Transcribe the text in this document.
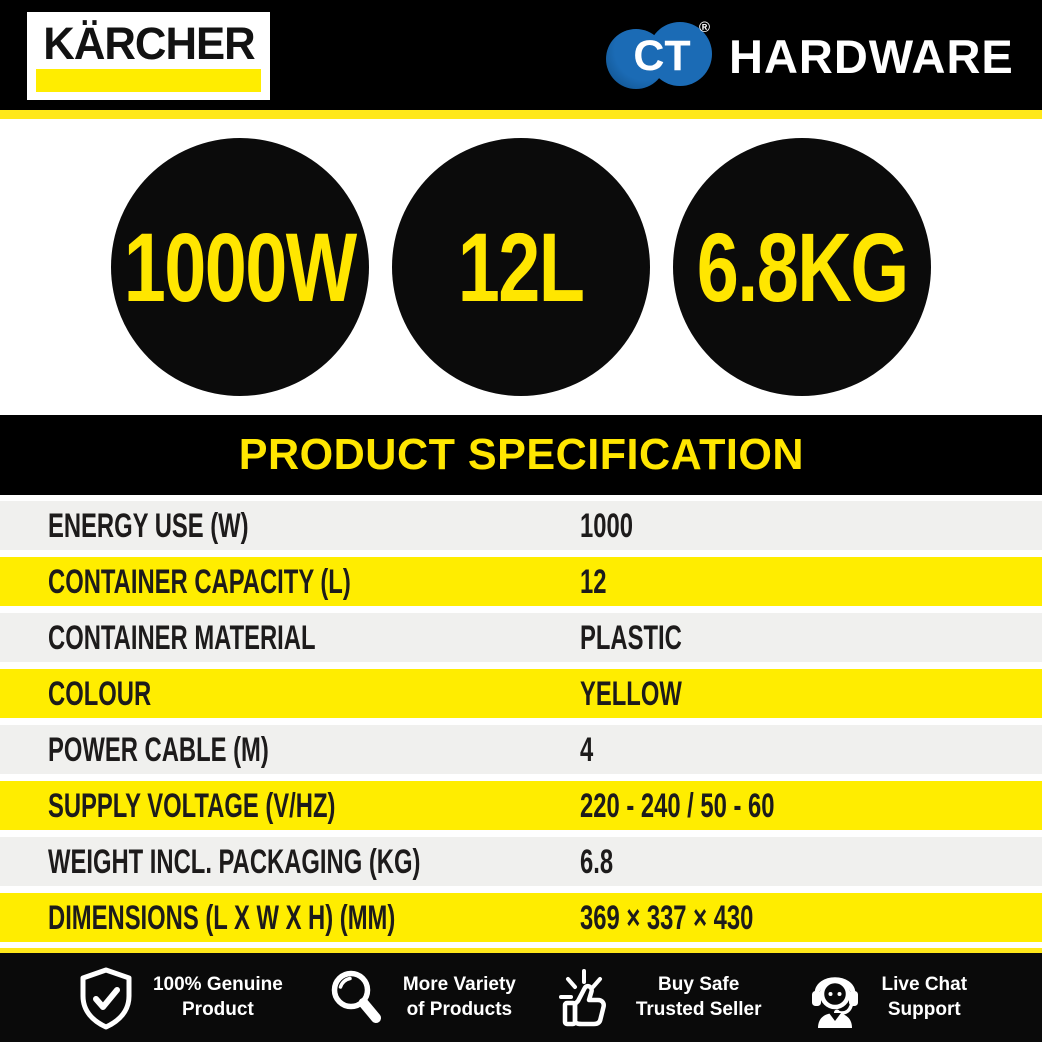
KÄRCHER	CT
®
HARDWARE
1000W 12L 6.8KG
PRODUCT SPECIFICATION
ENERGY USE (W)	1000
CONTAINER CAPACITY (L)	12
CONTAINER MATERIAL	PLASTIC
COLOUR	YELLOW
POWER CABLE (M)	4
SUPPLY VOLTAGE (V/HZ)	220 - 240 / 50 - 60
WEIGHT INCL. PACKAGING (KG)	6.8
DIMENSIONS (L X W X H) (MM)	369 × 337 × 430
100% Genuine
Product
More Variety
of Products
Buy Safe
Trusted Seller
Live Chat
Support
